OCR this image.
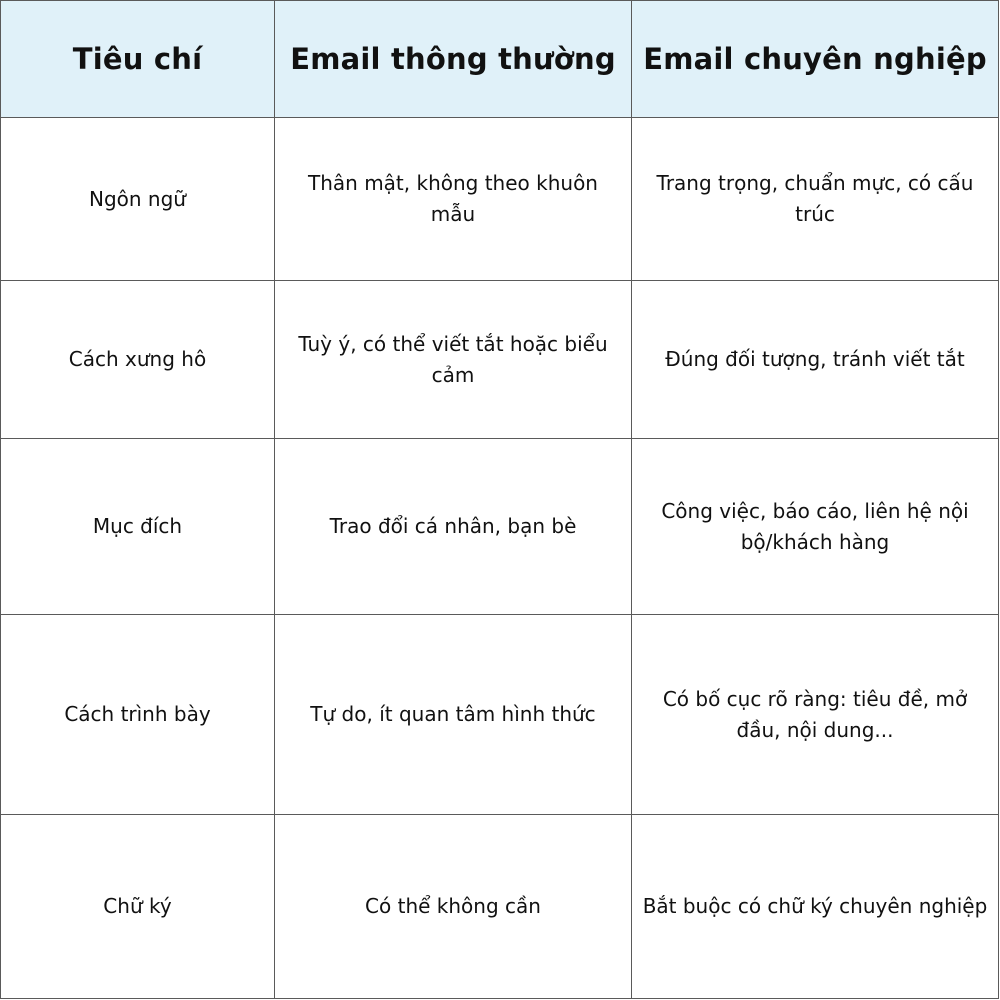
Tiêu chí	Email thông thường	Email chuyên nghiệp
Ngôn ngữ	Thân mật, không theo khuôn mẫu	Trang trọng, chuẩn mực, có cấu trúc
Cách xưng hô	Tuỳ ý, có thể viết tắt hoặc biểu cảm	Đúng đối tượng, tránh viết tắt
Mục đích	Trao đổi cá nhân, bạn bè	Công việc, báo cáo, liên hệ nội bộ/khách hàng
Cách trình bày	Tự do, ít quan tâm hình thức	Có bố cục rõ ràng: tiêu đề, mở đầu, nội dung...
Chữ ký	Có thể không cần	Bắt buộc có chữ ký chuyên nghiệp
